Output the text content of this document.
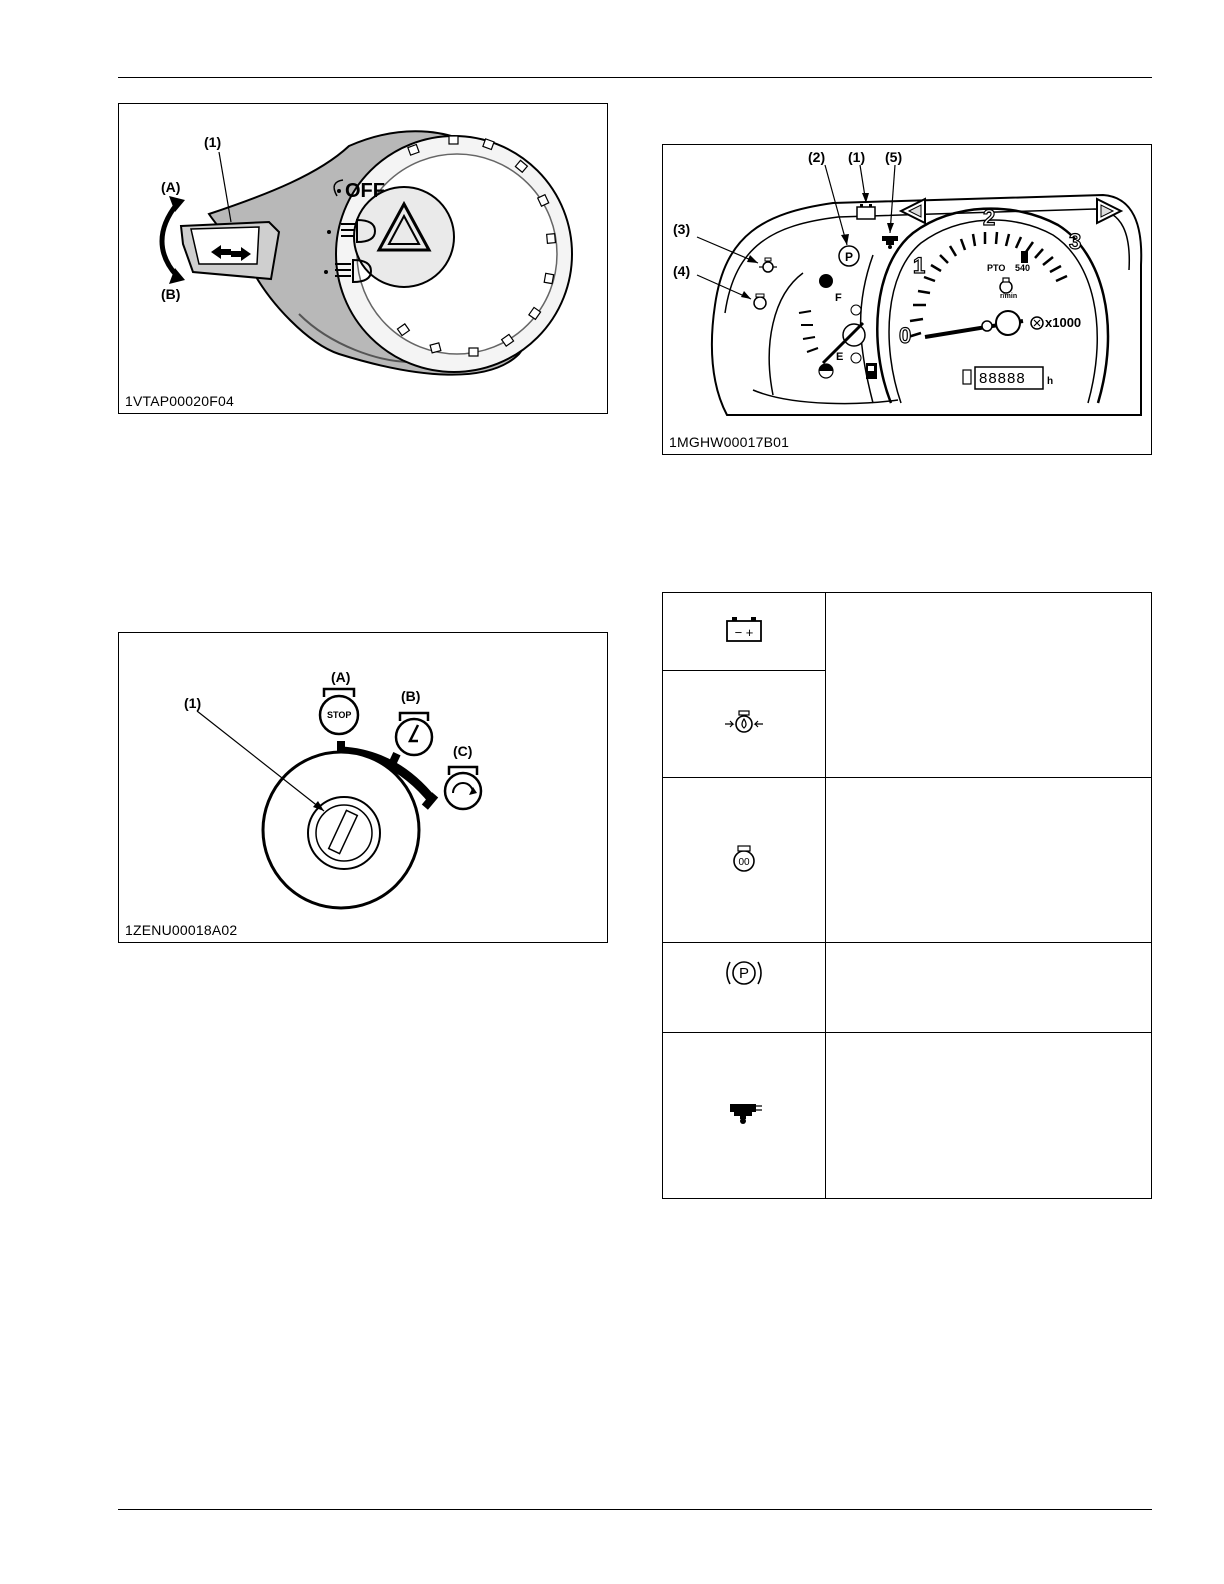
(1)
(A)
(B)
OFF
1VTAP00020F04
(1)
(A)
(B)
(C)
STOP
1ZENU00018A02
P
(2) (1) (5)
(3)
(4)
0
1
2
3
x1000
PTO 540
r/min
88888 h
F
E
1MGHW00017B01
− +	

00	

P	
